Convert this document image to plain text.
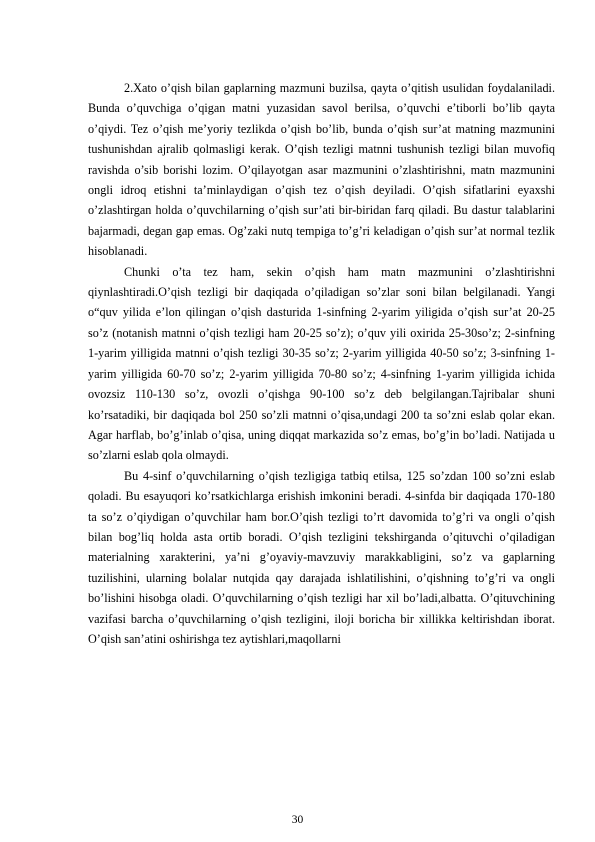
2.Xato o’qish bilan gaplarning mazmuni buzilsa, qayta o’qitish usulidan foydalaniladi. Bunda o’quvchiga o’qigan matni yuzasidan savol berilsa, o’quvchi e’tiborli bo’lib qayta o’qiydi. Tez o’qish me’yoriy tezlikda o’qish bo’lib, bunda o’qish sur’at matning mazmunini tushunishdan ajralib qolmasligi kerak. O’qish tezligi matnni tushunish tezligi bilan muvofiq ravishda o’sib borishi lozim. O’qilayotgan asar mazmunini o’zlashtirishni, matn mazmunini ongli idroq etishni ta’minlaydigan o’qish tez o’qish deyiladi. O’qish sifatlarini eyaxshi o’zlashtirgan holda o’quvchilarning o’qish sur’ati bir-biridan farq qiladi. Bu dastur talablarini bajarmadi, degan gap emas. Og’zaki nutq tempiga to’g’ri keladigan o’qish sur’at normal tezlik hisoblanadi.

Chunki o’ta tez ham, sekin o’qish ham matn mazmunini o’zlashtirishni qiynlashtiradi.O’qish tezligi bir daqiqada o’qiladigan so’zlar soni bilan belgilanadi. Yangi o“quv yilida e’lon qilingan o’qish dasturida 1-sinfning 2-yarim yiligida o’qish sur’at 20-25 so’z (notanish matnni o’qish tezligi ham 20-25 so’z); o’quv yili oxirida 25-30so’z; 2-sinfning 1-yarim yilligida matnni o’qish tezligi 30-35 so’z; 2-yarim yilligida 40-50 so’z; 3-sinfning 1-yarim yilligida 60-70 so’z; 2-yarim yilligida 70-80 so’z; 4-sinfning 1-yarim yilligida ichida ovozsiz 110-130 so’z, ovozli o’qishga 90-100 so’z deb belgilangan.Tajribalar shuni ko’rsatadiki, bir daqiqada bol 250 so’zli matnni o’qisa,undagi 200 ta so’zni eslab qolar ekan. Agar harflab, bo’g’inlab o’qisa, uning diqqat markazida so’z emas, bo’g’in bo’ladi. Natijada u so’zlarni eslab qola olmaydi.

Bu 4-sinf o’quvchilarning o’qish tezligiga tatbiq etilsa, 125 so’zdan 100 so’zni eslab qoladi. Bu esayuqori ko’rsatkichlarga erishish imkonini beradi. 4-sinfda bir daqiqada 170-180 ta so’z o’qiydigan o’quvchilar ham bor.O’qish tezligi to’rt davomida to’g’ri va ongli o’qish bilan bog’liq holda asta ortib boradi. O’qish tezligini tekshirganda o’qituvchi o’qiladigan materialning xarakterini, ya’ni g’oyaviy-mavzuviy marakkabligini, so’z va gaplarning tuzilishini, ularning bolalar nutqida qay darajada ishlatilishini, o’qishning to’g’ri va ongli bo’lishini hisobga oladi. O’quvchilarning o’qish tezligi har xil bo’ladi,albatta. O’qituvchining vazifasi barcha o’quvchilarning o’qish tezligini, iloji boricha bir xillikka keltirishdan iborat. O’qish san’atini oshirishga tez aytishlari,maqollarni

30
